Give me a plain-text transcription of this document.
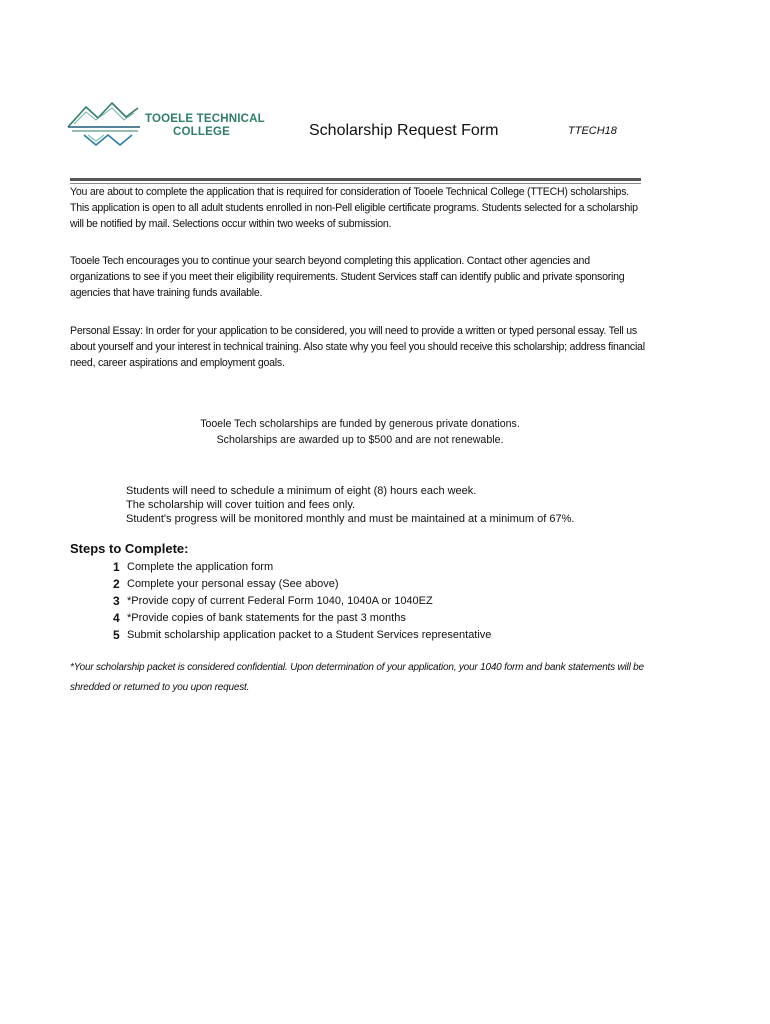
TOOELE TECHNICAL
COLLEGE	Scholarship Request Form	TTECH18
You are about to complete the application that is required for consideration of Tooele Technical College (TTECH) scholarships. This application is open to all adult students enrolled in non-Pell eligible certificate programs. Students selected for a scholarship will be notified by mail. Selections occur within two weeks of submission.
Tooele Tech encourages you to continue your search beyond completing this application. Contact other agencies and organizations to see if you meet their eligibility requirements. Student Services staff can identify public and private sponsoring agencies that have training funds available.
Personal Essay: In order for your application to be considered, you will need to provide a written or typed personal essay. Tell us about yourself and your interest in technical training. Also state why you feel you should receive this scholarship; address financial need, career aspirations and employment goals.
Tooele Tech scholarships are funded by generous private donations.
Scholarships are awarded up to $500 and are not renewable.
Students will need to schedule a minimum of eight (8) hours each week.
The scholarship will cover tuition and fees only.
Student's progress will be monitored monthly and must be maintained at a minimum of 67%.
Steps to Complete:
1 Complete the application form
2 Complete your personal essay (See above)
3 *Provide copy of current Federal Form 1040, 1040A or 1040EZ
4 *Provide copies of bank statements for the past 3 months
5 Submit scholarship application packet to a Student Services representative
*Your scholarship packet is considered confidential. Upon determination of your application, your 1040 form and bank statements will be shredded or returned to you upon request.
